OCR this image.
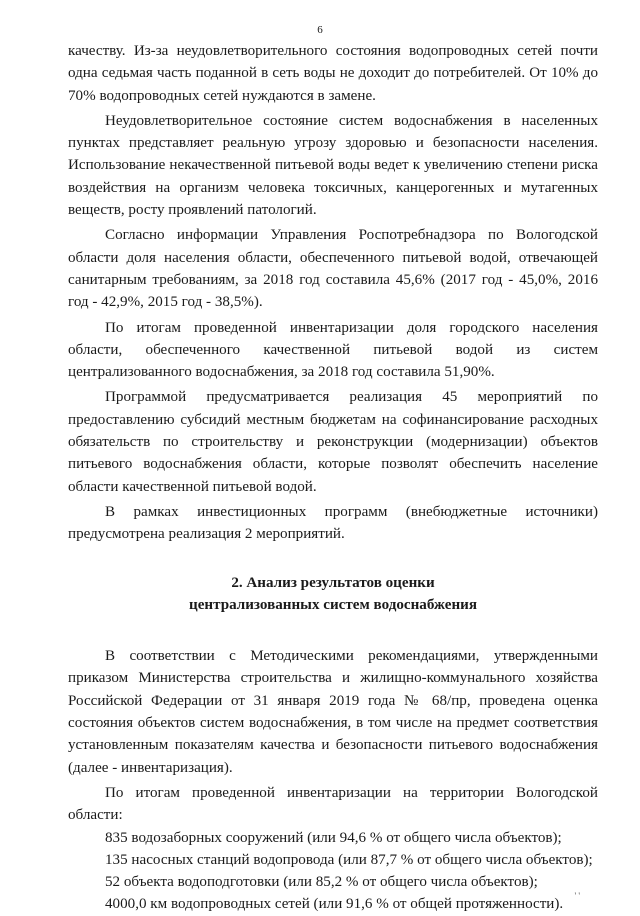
6

качеству. Из-за неудовлетворительного состояния водопроводных сетей почти одна седьмая часть поданной в сеть воды не доходит до потребителей. От 10% до 70% водопроводных сетей нуждаются в замене.

Неудовлетворительное состояние систем водоснабжения в населенных пунктах представляет реальную угрозу здоровью и безопасности населения. Использование некачественной питьевой воды ведет к увеличению степени риска воздействия на организм человека токсичных, канцерогенных и мутагенных веществ, росту проявлений патологий.

Согласно информации Управления Роспотребнадзора по Вологодской области доля населения области, обеспеченного питьевой водой, отвечающей санитарным требованиям, за 2018 год составила 45,6% (2017 год - 45,0%, 2016 год - 42,9%, 2015 год - 38,5%).

По итогам проведенной инвентаризации доля городского населения области, обеспеченного качественной питьевой водой из систем централизованного водоснабжения, за 2018 год составила 51,90%.

Программой предусматривается реализация 45 мероприятий по предоставлению субсидий местным бюджетам на софинансирование расходных обязательств по строительству и реконструкции (модернизации) объектов питьевого водоснабжения области, которые позволят обеспечить население области качественной питьевой водой.

В рамках инвестиционных программ (внебюджетные источники) предусмотрена реализация 2 мероприятий.

2. Анализ результатов оценки

централизованных систем водоснабжения

В соответствии с Методическими рекомендациями, утвержденными приказом Министерства строительства и жилищно-коммунального хозяйства Российской Федерации от 31 января 2019 года № 68/пр, проведена оценка состояния объектов систем водоснабжения, в том числе на предмет соответствия установленным показателям качества и безопасности питьевого водоснабжения (далее - инвентаризация).

По итогам проведенной инвентаризации на территории Вологодской области:

835 водозаборных сооружений (или 94,6 % от общего числа объектов);

135 насосных станций водопровода (или 87,7 % от общего числа объектов);

52 объекта водоподготовки (или 85,2 % от общего числа объектов);

4000,0 км водопроводных сетей (или 91,6 % от общей протяженности).

' '
